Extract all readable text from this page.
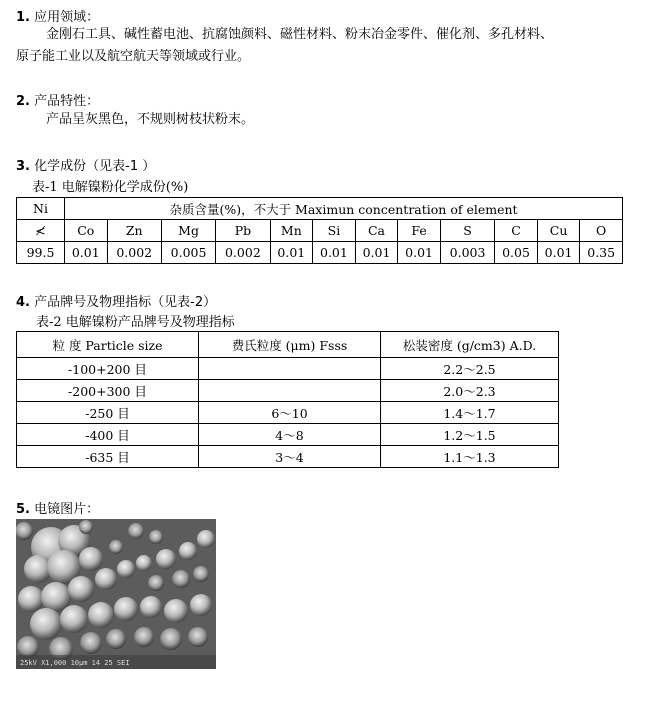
1. 应用领域：
金刚石工具、碱性蓄电池、抗腐蚀颜料、磁性材料、粉末冶金零件、催化剂、多孔材料、
原子能工业以及航空航天等领域或行业。
2. 产品特性：
产品呈灰黑色，不规则树枝状粉末。
3. 化学成份（见表-1 ）
表-1 电解镍粉化学成份(%)
Ni	杂质含量(%)，不大于 Maximun concentration of element											
≮	Co	Zn	Mg	Pb	Mn	Si	Ca	Fe	S	C	Cu	O
99.5	0.01	0.002	0.005	0.002	0.01	0.01	0.01	0.01	0.003	0.05	0.01	0.35
4. 产品牌号及物理指标（见表-2）
表-2 电解镍粉产品牌号及物理指标
粒 度 Particle size	费氏粒度 (μm) Fsss	松装密度 (g/cm3) A.D.
-100+200 目		2.2～2.5
-200+300 目		2.0～2.3
-250 目	6～10	1.4～1.7
-400 目	4～8	1.2～1.5
-635 目	3～4	1.1～1.3
5. 电镜图片：
25kV X1,000 10μm 14 25 SEI
